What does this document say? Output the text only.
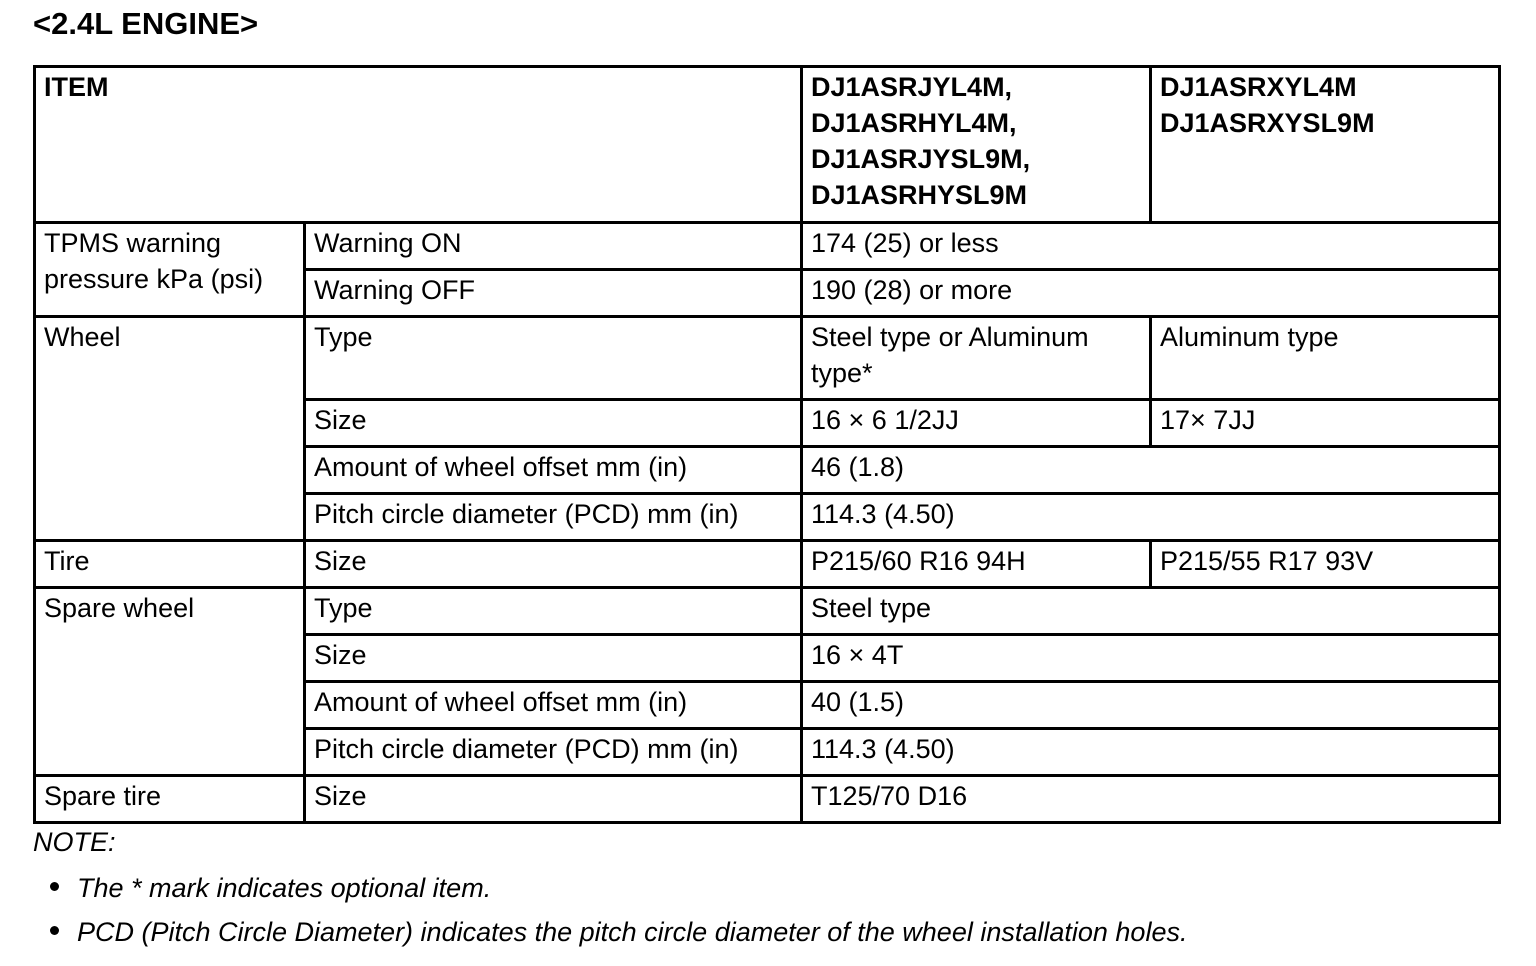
<2.4L ENGINE>
ITEM		DJ1ASRJYL4M,
DJ1ASRHYL4M,
DJ1ASRJYSL9M,
DJ1ASRHYSL9M	DJ1ASRXYL4M
DJ1ASRXYSL9M

TPMS warning pressure kPa (psi)	Warning ON	174 (25) or less	
	Warning OFF	190 (28) or more	
Wheel	Type	Steel type or Aluminum type*	Aluminum type
	Size	16 × 6 1/2JJ	17× 7JJ
	Amount of wheel offset mm (in)	46 (1.8)	
	Pitch circle diameter (PCD) mm (in)	114.3 (4.50)	
Tire	Size	P215/60 R16 94H	P215/55 R17 93V
Spare wheel	Type	Steel type	
	Size	16 × 4T	
	Amount of wheel offset mm (in)	40 (1.5)	
	Pitch circle diameter (PCD) mm (in)	114.3 (4.50)	
Spare tire	Size	T125/70 D16	
NOTE:
The * mark indicates optional item.
PCD (Pitch Circle Diameter) indicates the pitch circle diameter of the wheel installation holes.
